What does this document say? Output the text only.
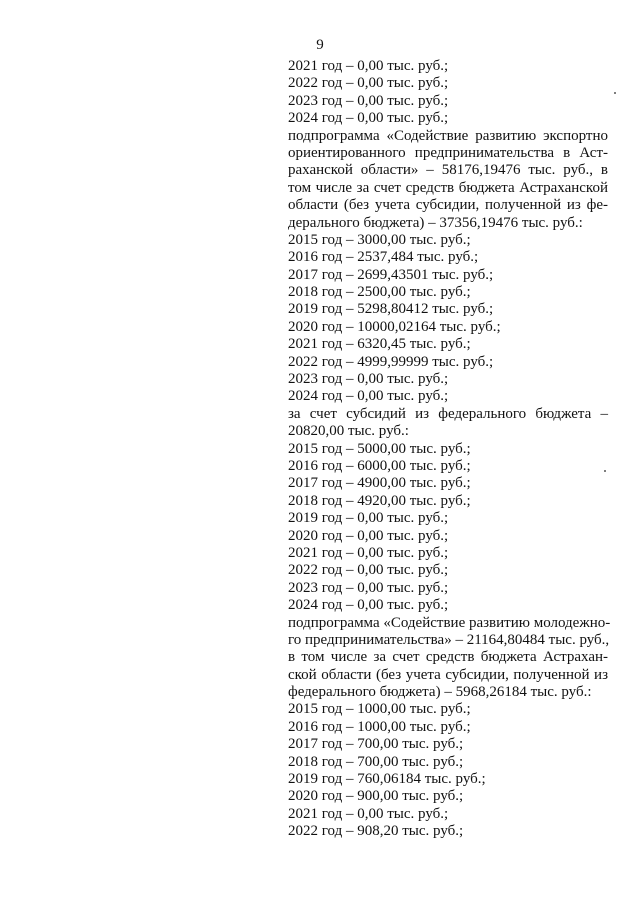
9
2021 год – 0,00 тыс. руб.;
2022 год – 0,00 тыс. руб.;
2023 год – 0,00 тыс. руб.;
2024 год – 0,00 тыс. руб.;
подпрограмма «Содействие развитию экспортно
ориентированного предпринимательства в Аст-
раханской области» – 58176,19476 тыс. руб., в
том числе за счет средств бюджета Астраханской
области (без учета субсидии, полученной из фе-
дерального бюджета) – 37356,19476 тыс. руб.:
2015 год – 3000,00 тыс. руб.;
2016 год – 2537,484 тыс. руб.;
2017 год – 2699,43501 тыс. руб.;
2018 год – 2500,00 тыс. руб.;
2019 год – 5298,80412 тыс. руб.;
2020 год – 10000,02164 тыс. руб.;
2021 год – 6320,45 тыс. руб.;
2022 год – 4999,99999 тыс. руб.;
2023 год – 0,00 тыс. руб.;
2024 год – 0,00 тыс. руб.;
за счет субсидий из федерального бюджета –
20820,00 тыс. руб.:
2015 год – 5000,00 тыс. руб.;
2016 год – 6000,00 тыс. руб.;
2017 год – 4900,00 тыс. руб.;
2018 год – 4920,00 тыс. руб.;
2019 год – 0,00 тыс. руб.;
2020 год – 0,00 тыс. руб.;
2021 год – 0,00 тыс. руб.;
2022 год – 0,00 тыс. руб.;
2023 год – 0,00 тыс. руб.;
2024 год – 0,00 тыс. руб.;
подпрограмма «Содействие развитию молодежно-
го предпринимательства» – 21164,80484 тыс. руб.,
в том числе за счет средств бюджета Астрахан-
ской области (без учета субсидии, полученной из
федерального бюджета) – 5968,26184 тыс. руб.:
2015 год – 1000,00 тыс. руб.;
2016 год – 1000,00 тыс. руб.;
2017 год – 700,00 тыс. руб.;
2018 год – 700,00 тыс. руб.;
2019 год – 760,06184 тыс. руб.;
2020 год – 900,00 тыс. руб.;
2021 год – 0,00 тыс. руб.;
2022 год – 908,20 тыс. руб.;
